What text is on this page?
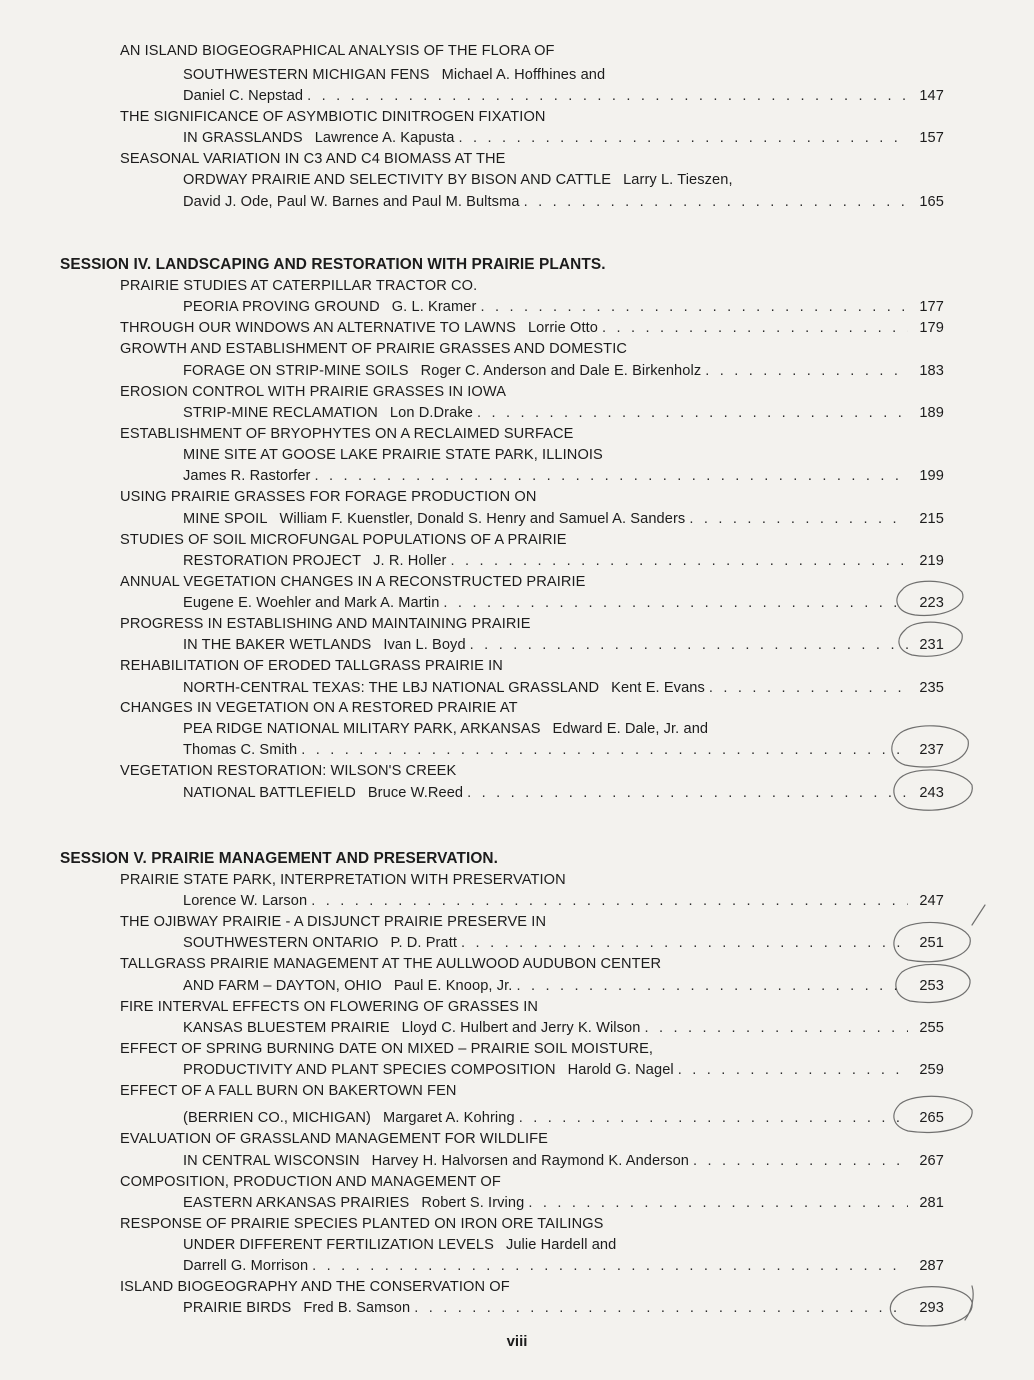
AN ISLAND BIOGEOGRAPHICAL ANALYSIS OF THE FLORA OF
SOUTHWESTERN MICHIGAN FENS Michael A. Hoffhines and
Daniel C. Nepstad . . .	147
THE SIGNIFICANCE OF ASYMBIOTIC DINITROGEN FIXATION
IN GRASSLANDS Lawrence A. Kapusta . . .	157
SEASONAL VARIATION IN C3 AND C4 BIOMASS AT THE
ORDWAY PRAIRIE AND SELECTIVITY BY BISON AND CATTLE Larry L. Tieszen,
David J. Ode, Paul W. Barnes and Paul M. Bultsma . . .	165
SESSION IV. LANDSCAPING AND RESTORATION WITH PRAIRIE PLANTS.
PRAIRIE STUDIES AT CATERPILLAR TRACTOR CO.
PEORIA PROVING GROUND G. L. Kramer . . .	177
THROUGH OUR WINDOWS AN ALTERNATIVE TO LAWNS Lorrie Otto . . .	179
GROWTH AND ESTABLISHMENT OF PRAIRIE GRASSES AND DOMESTIC
FORAGE ON STRIP-MINE SOILS Roger C. Anderson and Dale E. Birkenholz . . .	183
EROSION CONTROL WITH PRAIRIE GRASSES IN IOWA
STRIP-MINE RECLAMATION Lon D.Drake . . .	189
ESTABLISHMENT OF BRYOPHYTES ON A RECLAIMED SURFACE
MINE SITE AT GOOSE LAKE PRAIRIE STATE PARK, ILLINOIS
James R. Rastorfer . . .	199
USING PRAIRIE GRASSES FOR FORAGE PRODUCTION ON
MINE SPOIL William F. Kuenstler, Donald S. Henry and Samuel A. Sanders . . .	215
STUDIES OF SOIL MICROFUNGAL POPULATIONS OF A PRAIRIE
RESTORATION PROJECT J. R. Holler . . .	219
ANNUAL VEGETATION CHANGES IN A RECONSTRUCTED PRAIRIE
Eugene E. Woehler and Mark A. Martin . . .	223
PROGRESS IN ESTABLISHING AND MAINTAINING PRAIRIE
IN THE BAKER WETLANDS Ivan L. Boyd . . .	231
REHABILITATION OF ERODED TALLGRASS PRAIRIE IN
NORTH-CENTRAL TEXAS: THE LBJ NATIONAL GRASSLAND Kent E. Evans . . .	235
CHANGES IN VEGETATION ON A RESTORED PRAIRIE AT
PEA RIDGE NATIONAL MILITARY PARK, ARKANSAS Edward E. Dale, Jr. and
Thomas C. Smith . . .	237
VEGETATION RESTORATION: WILSON'S CREEK
NATIONAL BATTLEFIELD Bruce W.Reed . . .	243
SESSION V. PRAIRIE MANAGEMENT AND PRESERVATION.
PRAIRIE STATE PARK, INTERPRETATION WITH PRESERVATION
Lorence W. Larson . . .	247
THE OJIBWAY PRAIRIE - A DISJUNCT PRAIRIE PRESERVE IN
SOUTHWESTERN ONTARIO P. D. Pratt . . .	251
TALLGRASS PRAIRIE MANAGEMENT AT THE AULLWOOD AUDUBON CENTER
AND FARM – DAYTON, OHIO Paul E. Knoop, Jr. . . .	253
FIRE INTERVAL EFFECTS ON FLOWERING OF GRASSES IN
KANSAS BLUESTEM PRAIRIE Lloyd C. Hulbert and Jerry K. Wilson . . .	255
EFFECT OF SPRING BURNING DATE ON MIXED – PRAIRIE SOIL MOISTURE,
PRODUCTIVITY AND PLANT SPECIES COMPOSITION Harold G. Nagel . . .	259
EFFECT OF A FALL BURN ON BAKERTOWN FEN
(BERRIEN CO., MICHIGAN) Margaret A. Kohring . . .	265
EVALUATION OF GRASSLAND MANAGEMENT FOR WILDLIFE
IN CENTRAL WISCONSIN Harvey H. Halvorsen and Raymond K. Anderson . . .	267
COMPOSITION, PRODUCTION AND MANAGEMENT OF
EASTERN ARKANSAS PRAIRIES Robert S. Irving . . .	281
RESPONSE OF PRAIRIE SPECIES PLANTED ON IRON ORE TAILINGS
UNDER DIFFERENT FERTILIZATION LEVELS Julie Hardell and
Darrell G. Morrison . . .	287
ISLAND BIOGEOGRAPHY AND THE CONSERVATION OF
PRAIRIE BIRDS Fred B. Samson . . .	293
viii
